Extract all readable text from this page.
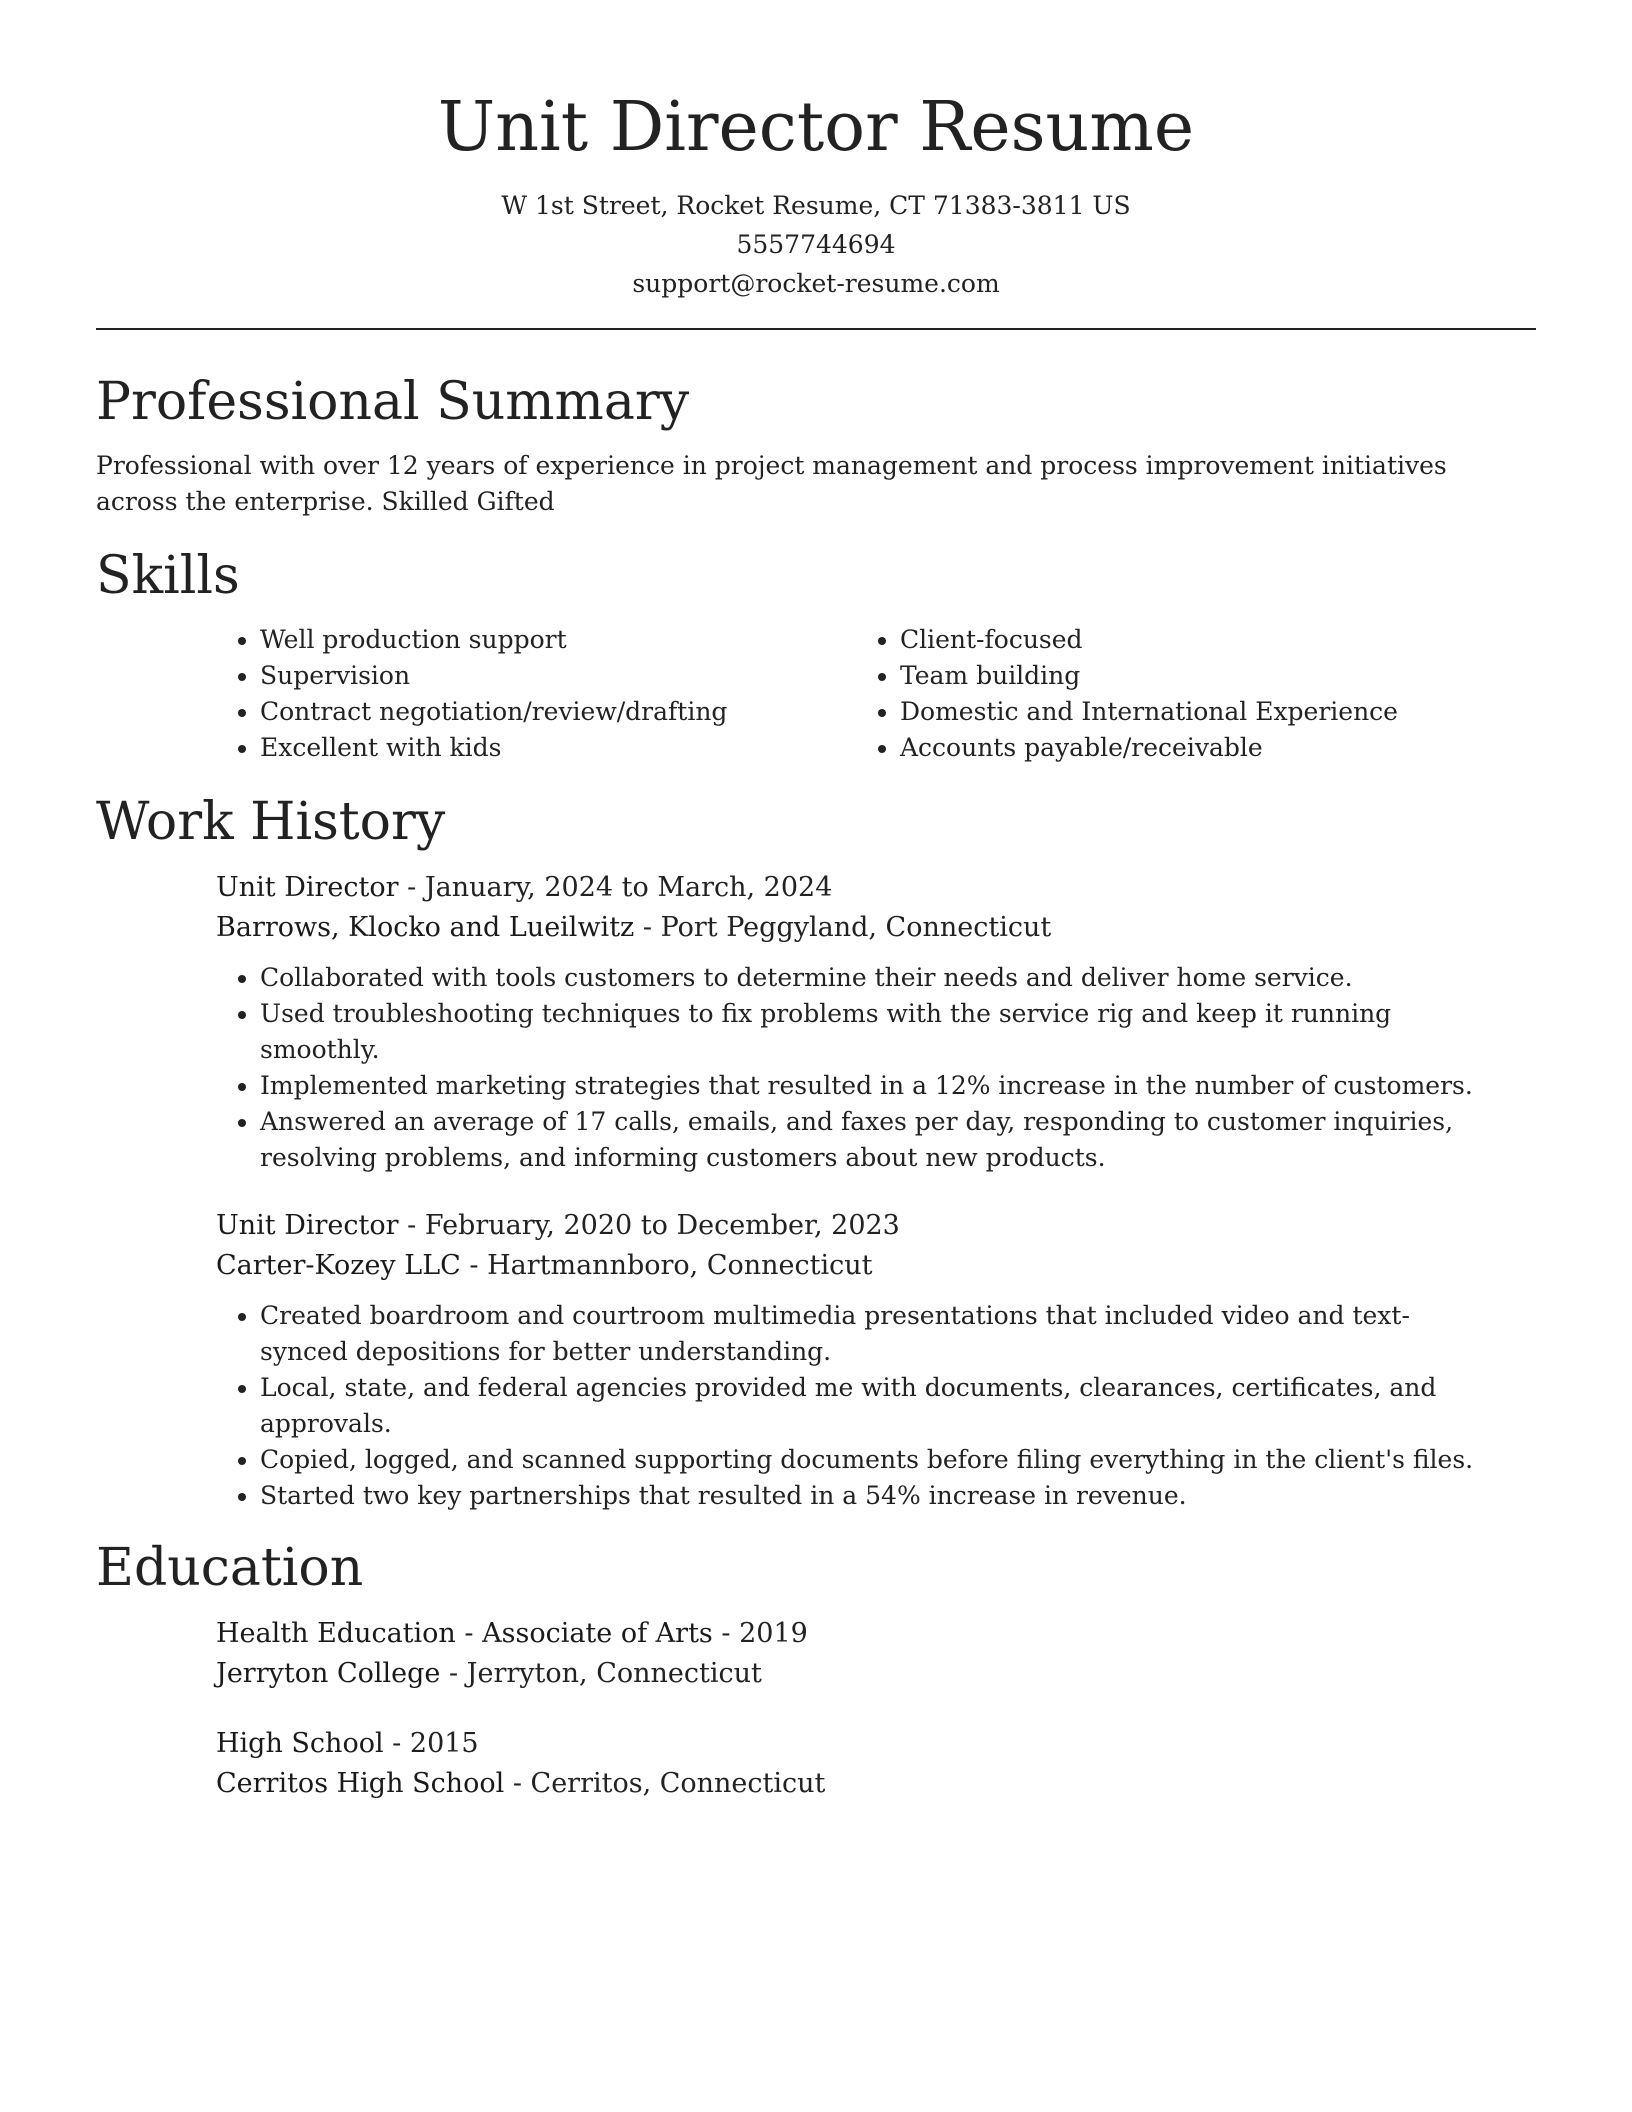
Unit Director Resume
W 1st Street, Rocket Resume, CT 71383-3811 US
5557744694
support@rocket-resume.com
Professional Summary

Professional with over 12 years of experience in project management and process improvement initiatives across the enterprise. Skilled Gifted

Skills
• Well production support
• Supervision
• Contract negotiation/review/drafting
• Excellent with kids
• Client-focused
• Team building
• Domestic and International Experience
• Accounts payable/receivable
Work History
Unit Director - January, 2024 to March, 2024
Barrows, Klocko and Lueilwitz - Port Peggyland, Connecticut
• Collaborated with tools customers to determine their needs and deliver home service.
• Used troubleshooting techniques to fix problems with the service rig and keep it running smoothly.
• Implemented marketing strategies that resulted in a 12% increase in the number of customers.
• Answered an average of 17 calls, emails, and faxes per day, responding to customer inquiries, resolving problems, and informing customers about new products.
Unit Director - February, 2020 to December, 2023
Carter-Kozey LLC - Hartmannboro, Connecticut
• Created boardroom and courtroom multimedia presentations that included video and text-synced depositions for better understanding.
• Local, state, and federal agencies provided me with documents, clearances, certificates, and approvals.
• Copied, logged, and scanned supporting documents before filing everything in the client's files.
• Started two key partnerships that resulted in a 54% increase in revenue.
Education
Health Education - Associate of Arts - 2019
Jerryton College - Jerryton, Connecticut
High School - 2015
Cerritos High School - Cerritos, Connecticut
